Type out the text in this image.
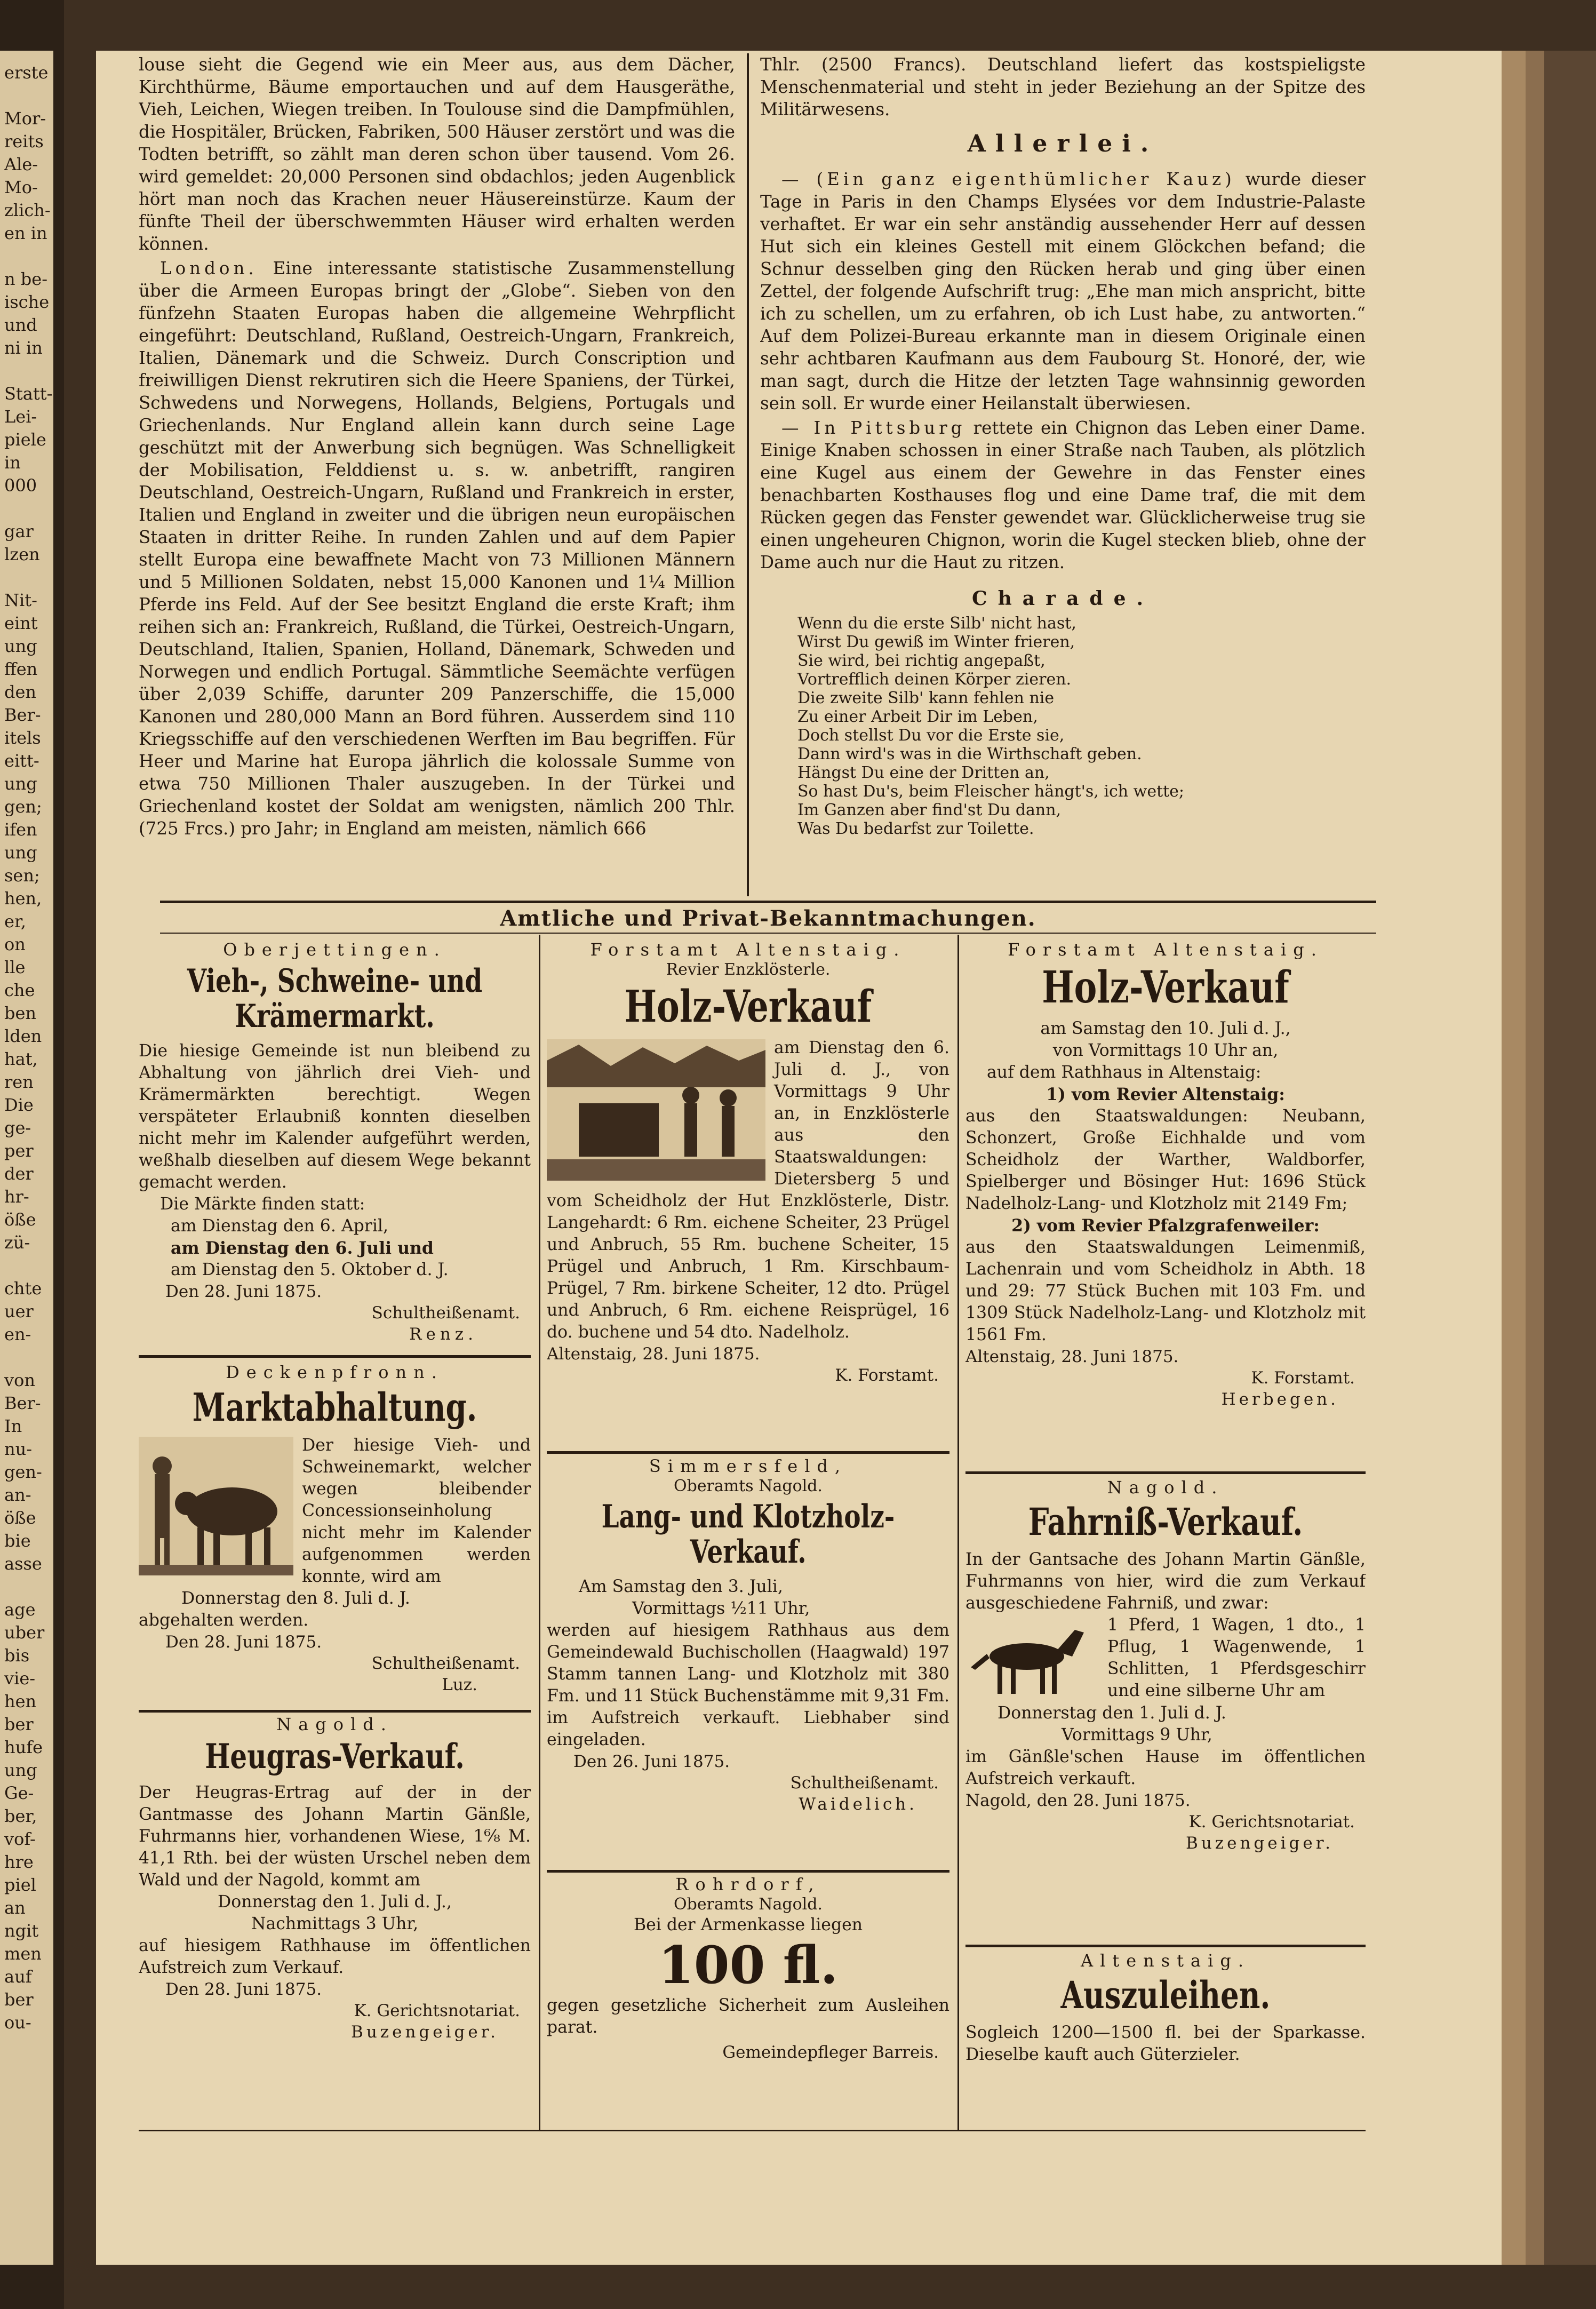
erste

Mor-
reits
Ale-
Mo-
zlich-
en in

n be-
ische
und
ni in

Statt-
Lei-
piele
in
000

gar
lzen

Nit-
eint
ung
ffen
den
Ber-
itels
eitt-
ung
gen;
ifen
ung
sen;
hen,
er,
on
lle
che
ben
lden
hat,
ren
Die
ge-
per
der
hr-
öße
zü-

chte
uer
en-

von
Ber-
In
nu-
gen-
an-
öße
bie
asse

age
uber
bis
vie-
hen
ber
hufe
ung
Ge-
ber,
vof-
hre
piel
an
ngit
men
auf
ber
ou-

louse sieht die Gegend wie ein Meer aus, aus dem Dächer, Kirchthürme, Bäume emportauchen und auf dem Hausgeräthe, Vieh, Leichen, Wiegen treiben. In Toulouse sind die Dampfmühlen, die Hospitäler, Brücken, Fabriken, 500 Häuser zerstört und was die Todten betrifft, so zählt man deren schon über tausend. Vom 26. wird gemeldet: 20,000 Personen sind obdachlos; jeden Augenblick hört man noch das Krachen neuer Häusereinstürze. Kaum der fünfte Theil der überschwemmten Häuser wird erhalten werden können.

London. Eine interessante statistische Zusammenstellung über die Armeen Europas bringt der „Globe“. Sieben von den fünfzehn Staaten Europas haben die allgemeine Wehrpflicht eingeführt: Deutschland, Rußland, Oestreich-Ungarn, Frankreich, Italien, Dänemark und die Schweiz. Durch Conscription und freiwilligen Dienst rekrutiren sich die Heere Spaniens, der Türkei, Schwedens und Norwegens, Hollands, Belgiens, Portugals und Griechenlands. Nur England allein kann durch seine Lage geschützt mit der Anwerbung sich begnügen. Was Schnelligkeit der Mobilisation, Felddienst u. s. w. anbetrifft, rangiren Deutschland, Oestreich-Ungarn, Rußland und Frankreich in erster, Italien und England in zweiter und die übrigen neun europäischen Staaten in dritter Reihe. In runden Zahlen und auf dem Papier stellt Europa eine bewaffnete Macht von 73 Millionen Männern und 5 Millionen Soldaten, nebst 15,000 Kanonen und 1¼ Million Pferde ins Feld. Auf der See besitzt England die erste Kraft; ihm reihen sich an: Frankreich, Rußland, die Türkei, Oestreich-Ungarn, Deutschland, Italien, Spanien, Holland, Dänemark, Schweden und Norwegen und endlich Portugal. Sämmtliche Seemächte verfügen über 2,039 Schiffe, darunter 209 Panzerschiffe, die 15,000 Kanonen und 280,000 Mann an Bord führen. Ausserdem sind 110 Kriegsschiffe auf den verschiedenen Werften im Bau begriffen. Für Heer und Marine hat Europa jährlich die kolossale Summe von etwa 750 Millionen Thaler auszugeben. In der Türkei und Griechenland kostet der Soldat am wenigsten, nämlich 200 Thlr. (725 Frcs.) pro Jahr; in England am meisten, nämlich 666

Thlr. (2500 Francs). Deutschland liefert das kostspieligste Menschenmaterial und steht in jeder Beziehung an der Spitze des Militärwesens.

Allerlei.

— (Ein ganz eigenthümlicher Kauz) wurde dieser Tage in Paris in den Champs Elysées vor dem Industrie-Palaste verhaftet. Er war ein sehr anständig aussehender Herr auf dessen Hut sich ein kleines Gestell mit einem Glöckchen befand; die Schnur desselben ging den Rücken herab und ging über einen Zettel, der folgende Aufschrift trug: „Ehe man mich anspricht, bitte ich zu schellen, um zu erfahren, ob ich Lust habe, zu antworten.“ Auf dem Polizei-Bureau erkannte man in diesem Originale einen sehr achtbaren Kaufmann aus dem Faubourg St. Honoré, der, wie man sagt, durch die Hitze der letzten Tage wahnsinnig geworden sein soll. Er wurde einer Heilanstalt überwiesen.

— In Pittsburg rettete ein Chignon das Leben einer Dame. Einige Knaben schossen in einer Straße nach Tauben, als plötzlich eine Kugel aus einem der Gewehre in das Fenster eines benachbarten Kosthauses flog und eine Dame traf, die mit dem Rücken gegen das Fenster gewendet war. Glücklicherweise trug sie einen ungeheuren Chignon, worin die Kugel stecken blieb, ohne der Dame auch nur die Haut zu ritzen.

Charade.
Wenn du die erste Silb' nicht hast,
Wirst Du gewiß im Winter frieren,
Sie wird, bei richtig angepaßt,
Vortrefflich deinen Körper zieren.
Die zweite Silb' kann fehlen nie
Zu einer Arbeit Dir im Leben,
Doch stellst Du vor die Erste sie,
Dann wird's was in die Wirthschaft geben.
Hängst Du eine der Dritten an,
So hast Du's, beim Fleischer hängt's, ich wette;
Im Ganzen aber find'st Du dann,
Was Du bedarfst zur Toilette.
Amtliche und Privat-Bekanntmachungen.
Oberjettingen.
Vieh-, Schweine- und Krämermarkt.
Die hiesige Gemeinde ist nun bleibend zu Abhaltung von jährlich drei Vieh- und Krämermärkten berechtigt. Wegen verspäteter Erlaubniß konnten dieselben nicht mehr im Kalender aufgeführt werden, weßhalb dieselben auf diesem Wege bekannt gemacht werden.
Die Märkte finden statt:
am Dienstag den 6. April,
am Dienstag den 6. Juli und
am Dienstag den 5. Oktober d. J.
Den 28. Juni 1875.
Schultheißenamt.
Renz.
Deckenpfronn.
Marktabhaltung.
Der hiesige Vieh- und Schweinemarkt, welcher wegen bleibender Concessionseinholung nicht mehr im Kalender aufgenommen werden konnte, wird am
Donnerstag den 8. Juli d. J.
abgehalten werden.
Den 28. Juni 1875.
Schultheißenamt.
Luz.
Nagold.
Heugras-Verkauf.
Der Heugras-Ertrag auf der in der Gantmasse des Johann Martin Gänßle, Fuhrmanns hier, vorhandenen Wiese, 1⁶⁄₈ M. 41,1 Rth. bei der wüsten Urschel neben dem Wald und der Nagold, kommt am
Donnerstag den 1. Juli d. J.,
Nachmittags 3 Uhr,
auf hiesigem Rathhause im öffentlichen Aufstreich zum Verkauf.
Den 28. Juni 1875.
K. Gerichtsnotariat.
Buzengeiger.
Forstamt Altenstaig.
Revier Enzklösterle.
Holz-Verkauf
am Dienstag den 6. Juli d. J., von Vormittags 9 Uhr an, in Enzklösterle aus den Staatswaldungen: Dietersberg 5 und vom Scheidholz der Hut Enzklösterle, Distr. Langehardt: 6 Rm. eichene Scheiter, 23 Prügel und Anbruch, 55 Rm. buchene Scheiter, 15 Prügel und Anbruch, 1 Rm. Kirschbaum-Prügel, 7 Rm. birkene Scheiter, 12 dto. Prügel und Anbruch, 6 Rm. eichene Reisprügel, 16 do. buchene und 54 dto. Nadelholz.
Altenstaig, 28. Juni 1875.
K. Forstamt.
Simmersfeld,
Oberamts Nagold.
Lang- und Klotzholz-Verkauf.
Am Samstag den 3. Juli,
Vormittags ½11 Uhr,
werden auf hiesigem Rathhaus aus dem Gemeindewald Buchischollen (Haagwald) 197 Stamm tannen Lang- und Klotzholz mit 380 Fm. und 11 Stück Buchenstämme mit 9,31 Fm. im Aufstreich verkauft. Liebhaber sind eingeladen.
Den 26. Juni 1875.
Schultheißenamt.
Waidelich.
Rohrdorf,
Oberamts Nagold.
Bei der Armenkasse liegen
100 fl.
gegen gesetzliche Sicherheit zum Ausleihen parat.
Gemeindepfleger Barreis.
Forstamt Altenstaig.
Holz-Verkauf
am Samstag den 10. Juli d. J.,
von Vormittags 10 Uhr an,
auf dem Rathhaus in Altenstaig:
1) vom Revier Altenstaig:
aus den Staatswaldungen: Neubann, Schonzert, Große Eichhalde und vom Scheidholz der Warther, Waldborfer, Spielberger und Bösinger Hut: 1696 Stück Nadelholz-Lang- und Klotzholz mit 2149 Fm;
2) vom Revier Pfalzgrafenweiler:
aus den Staatswaldungen Leimenmiß, Lachenrain und vom Scheidholz in Abth. 18 und 29: 77 Stück Buchen mit 103 Fm. und 1309 Stück Nadelholz-Lang- und Klotzholz mit 1561 Fm.
Altenstaig, 28. Juni 1875.
K. Forstamt.
Herbegen.
Nagold.
Fahrniß-Verkauf.
In der Gantsache des Johann Martin Gänßle, Fuhrmanns von hier, wird die zum Verkauf ausgeschiedene Fahrniß, und zwar:
1 Pferd, 1 Wagen, 1 dto., 1 Pflug, 1 Wagenwende, 1 Schlitten, 1 Pferdsgeschirr und eine silberne Uhr am
Donnerstag den 1. Juli d. J.
Vormittags 9 Uhr,
im Gänßle'schen Hause im öffentlichen Aufstreich verkauft.
Nagold, den 28. Juni 1875.
K. Gerichtsnotariat.
Buzengeiger.
Altenstaig.
Auszuleihen.
Sogleich 1200—1500 fl. bei der Sparkasse. Dieselbe kauft auch Güterzieler.
